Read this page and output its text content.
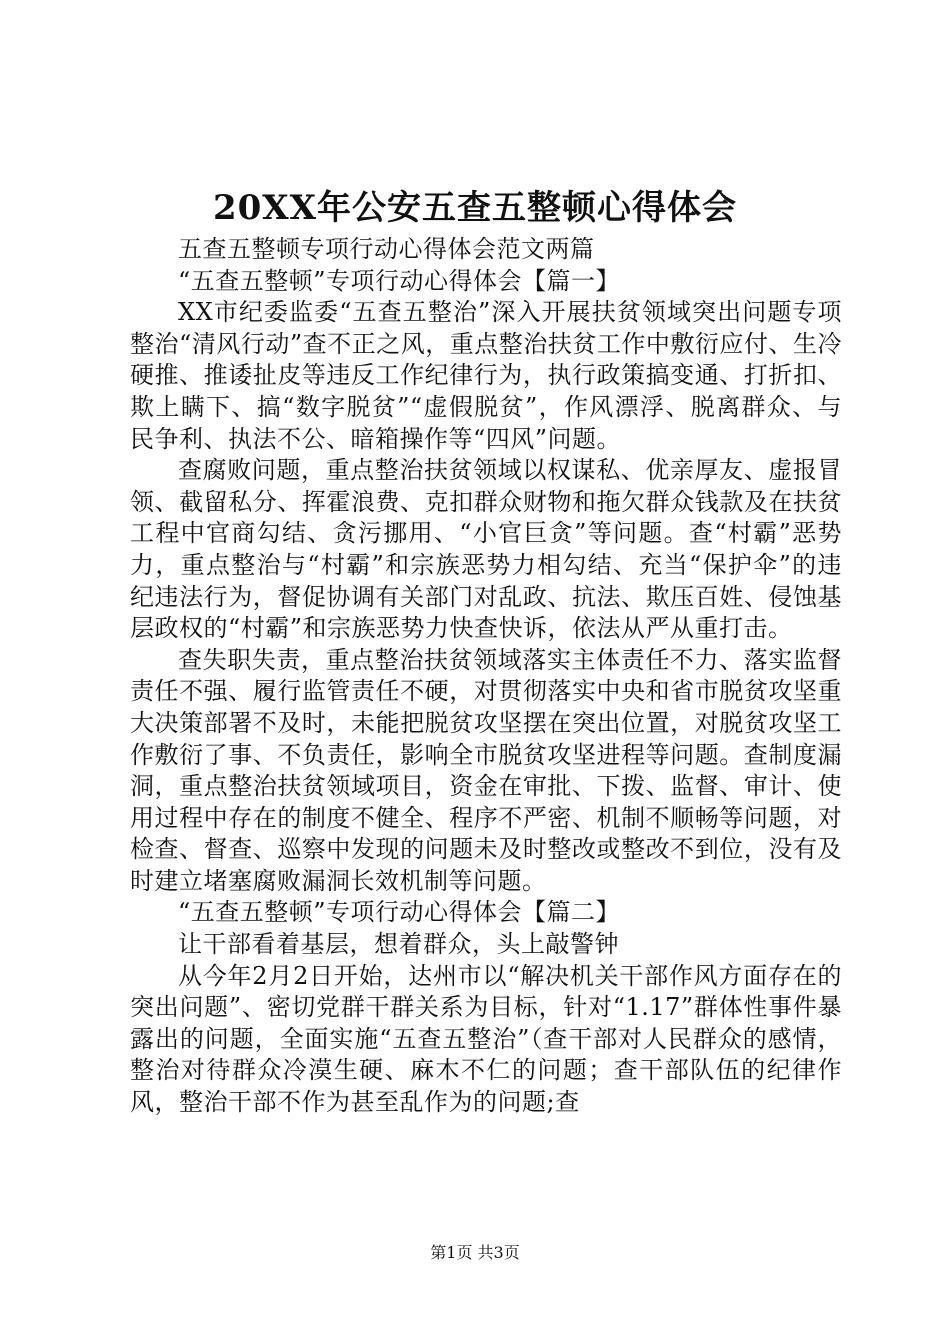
20XX年公安五查五整顿心得体会

五查五整顿专项行动心得体会范文两篇

“五查五整顿”专项行动心得体会【篇一】

XX市纪委监委“五查五整治”深入开展扶贫领域突出问题专项整治“清风行动”查不正之风，重点整治扶贫工作中敷衍应付、生冷硬推、推诿扯皮等违反工作纪律行为，执行政策搞变通、打折扣、欺上瞒下、搞“数字脱贫”“虚假脱贫”，作风漂浮、脱离群众、与民争利、执法不公、暗箱操作等“四风”问题。

查腐败问题，重点整治扶贫领域以权谋私、优亲厚友、虚报冒领、截留私分、挥霍浪费、克扣群众财物和拖欠群众钱款及在扶贫工程中官商勾结、贪污挪用、“小官巨贪”等问题。查“村霸”恶势力，重点整治与“村霸”和宗族恶势力相勾结、充当“保护伞”的违纪违法行为，督促协调有关部门对乱政、抗法、欺压百姓、侵蚀基层政权的“村霸”和宗族恶势力快查快诉，依法从严从重打击。

查失职失责，重点整治扶贫领域落实主体责任不力、落实监督责任不强、履行监管责任不硬，对贯彻落实中央和省市脱贫攻坚重大决策部署不及时，未能把脱贫攻坚摆在突出位置，对脱贫攻坚工作敷衍了事、不负责任，影响全市脱贫攻坚进程等问题。查制度漏洞，重点整治扶贫领域项目，资金在审批、下拨、监督、审计、使用过程中存在的制度不健全、程序不严密、机制不顺畅等问题，对检查、督查、巡察中发现的问题未及时整改或整改不到位，没有及时建立堵塞腐败漏洞长效机制等问题。

“五查五整顿”专项行动心得体会【篇二】

让干部看着基层，想着群众，头上敲警钟

从今年2月2日开始，达州市以“解决机关干部作风方面存在的突出问题”、密切党群干群关系为目标，针对“1.17”群体性事件暴露出的问题，全面实施“五查五整治”（查干部对人民群众的感情，整治对待群众冷漠生硬、麻木不仁的问题；查干部队伍的纪律作风，整治干部不作为甚至乱作为的问题;查

第1页 共3页
